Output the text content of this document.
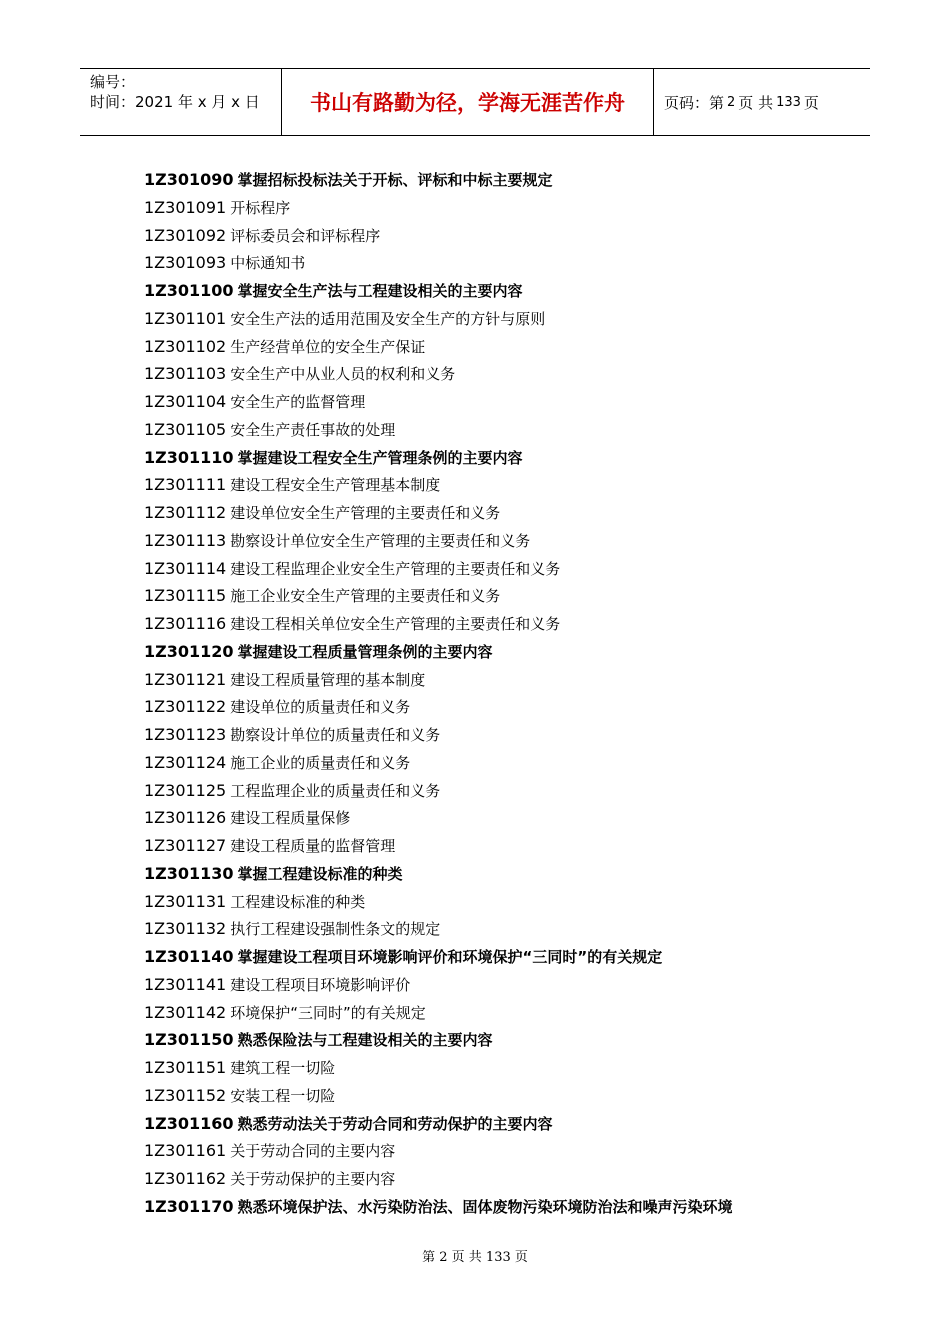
编号：
时间：2021 年 x 月 x 日	书山有路勤为径，学海无涯苦作舟	页码：第 2 页 共 133 页
1Z301090 掌握招标投标法关于开标、评标和中标主要规定
1Z301091 开标程序
1Z301092 评标委员会和评标程序
1Z301093 中标通知书
1Z301100 掌握安全生产法与工程建设相关的主要内容
1Z301101 安全生产法的适用范围及安全生产的方针与原则
1Z301102 生产经营单位的安全生产保证
1Z301103 安全生产中从业人员的权利和义务
1Z301104 安全生产的监督管理
1Z301105 安全生产责任事故的处理
1Z301110 掌握建设工程安全生产管理条例的主要内容
1Z301111 建设工程安全生产管理基本制度
1Z301112 建设单位安全生产管理的主要责任和义务
1Z301113 勘察设计单位安全生产管理的主要责任和义务
1Z301114 建设工程监理企业安全生产管理的主要责任和义务
1Z301115 施工企业安全生产管理的主要责任和义务
1Z301116 建设工程相关单位安全生产管理的主要责任和义务
1Z301120 掌握建设工程质量管理条例的主要内容
1Z301121 建设工程质量管理的基本制度
1Z301122 建设单位的质量责任和义务
1Z301123 勘察设计单位的质量责任和义务
1Z301124 施工企业的质量责任和义务
1Z301125 工程监理企业的质量责任和义务
1Z301126 建设工程质量保修
1Z301127 建设工程质量的监督管理
1Z301130 掌握工程建设标准的种类
1Z301131 工程建设标准的种类
1Z301132 执行工程建设强制性条文的规定
1Z301140 掌握建设工程项目环境影响评价和环境保护“三同时”的有关规定
1Z301141 建设工程项目环境影响评价
1Z301142 环境保护“三同时”的有关规定
1Z301150 熟悉保险法与工程建设相关的主要内容
1Z301151 建筑工程一切险
1Z301152 安装工程一切险
1Z301160 熟悉劳动法关于劳动合同和劳动保护的主要内容
1Z301161 关于劳动合同的主要内容
1Z301162 关于劳动保护的主要内容
1Z301170 熟悉环境保护法、水污染防治法、固体废物污染环境防治法和噪声污染环境
第 2 页 共 133 页
